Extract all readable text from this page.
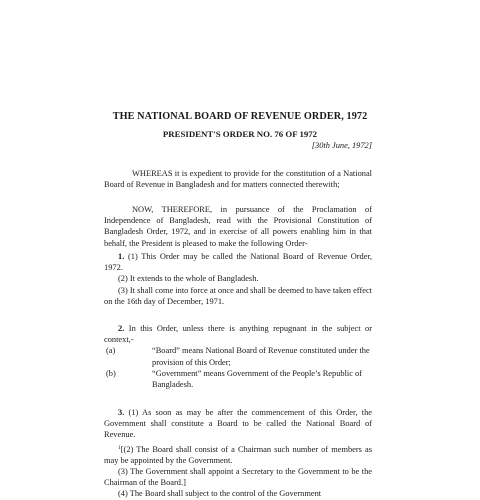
THE NATIONAL BOARD OF REVENUE ORDER, 1972
PRESIDENT'S ORDER NO. 76 OF 1972
[30th June, 1972]

WHEREAS it is expedient to provide for the constitution of a National Board of Revenue in Bangladesh and for matters connected therewith;

NOW, THEREFORE, in pursuance of the Proclamation of Independence of Bangladesh, read with the Provisional Constitution of Bangladesh Order, 1972, and in exercise of all powers enabling him in that behalf, the President is pleased to make the following Order-

1. (1) This Order may be called the National Board of Revenue Order, 1972.

(2) It extends to the whole of Bangladesh.

(3) It shall come into force at once and shall be deemed to have taken effect on the 16th day of December, 1971.

2. In this Order, unless there is anything repugnant in the subject or context,-

(a)	“Board” means National Board of Revenue constituted under the provision of this Order;
(b)	“Government” means Government of the People’s Republic of Bangladesh.

3. (1) As soon as may be after the commencement of this Order, the Government shall constitute a Board to be called the National Board of Revenue.

$^1$[(2) The Board shall consist of a Chairman such number of members as may be appointed by the Government.

(3) The Government shall appoint a Secretary to the Government to be the Chairman of the Board.]

(4) The Board shall subject to the control of the Government
